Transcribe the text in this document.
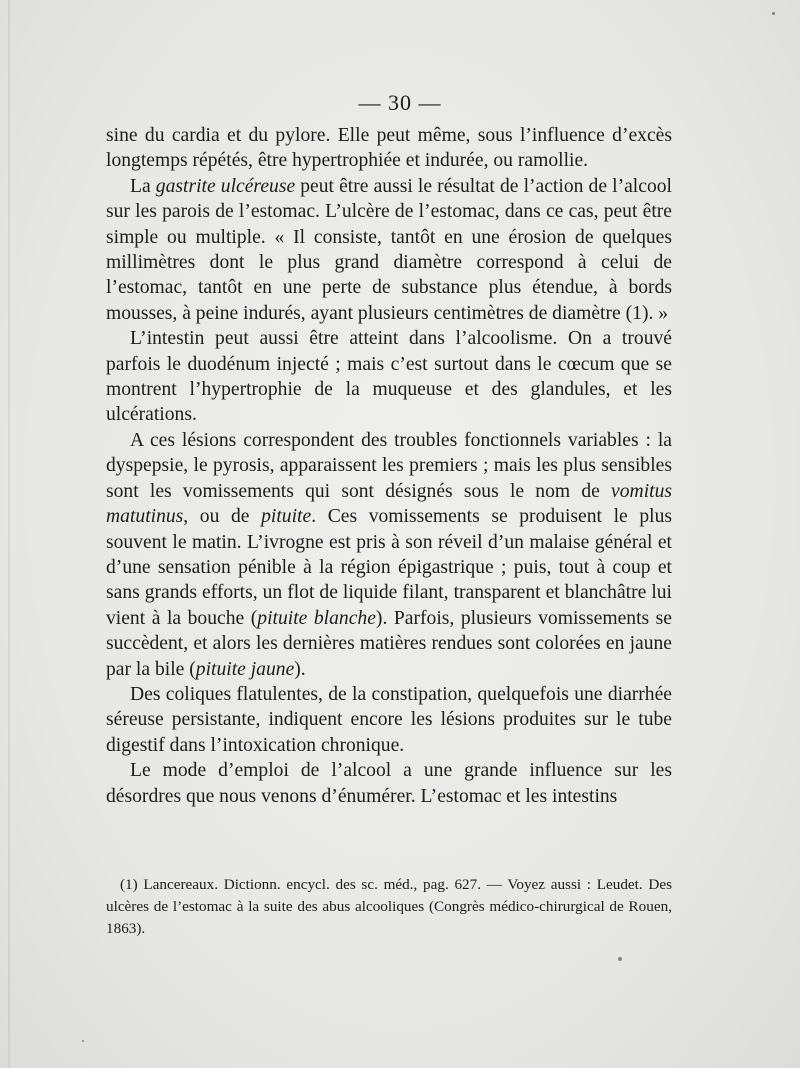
— 30 —

sine du cardia et du pylore. Elle peut même, sous l’influence d’excès longtemps répétés, être hypertrophiée et indurée, ou ramollie.

La gastrite ulcéreuse peut être aussi le résultat de l’action de l’alcool sur les parois de l’estomac. L’ulcère de l’estomac, dans ce cas, peut être simple ou multiple. « Il consiste, tantôt en une érosion de quelques millimètres dont le plus grand diamètre correspond à celui de l’estomac, tantôt en une perte de substance plus étendue, à bords mousses, à peine indurés, ayant plusieurs centimètres de diamètre (1). »

L’intestin peut aussi être atteint dans l’alcoolisme. On a trouvé parfois le duodénum injecté ; mais c’est surtout dans le cœcum que se montrent l’hypertrophie de la muqueuse et des glandules, et les ulcérations.

A ces lésions correspondent des troubles fonctionnels variables : la dyspepsie, le pyrosis, apparaissent les premiers ; mais les plus sensibles sont les vomissements qui sont désignés sous le nom de vomitus matutinus, ou de pituite. Ces vomissements se produisent le plus souvent le matin. L’ivrogne est pris à son réveil d’un malaise général et d’une sensation pénible à la région épigastrique ; puis, tout à coup et sans grands efforts, un flot de liquide filant, transparent et blanchâtre lui vient à la bouche (pituite blanche). Parfois, plusieurs vomissements se succèdent, et alors les dernières matières rendues sont colorées en jaune par la bile (pituite jaune).

Des coliques flatulentes, de la constipation, quelquefois une diarrhée séreuse persistante, indiquent encore les lésions produites sur le tube digestif dans l’intoxication chronique.

Le mode d’emploi de l’alcool a une grande influence sur les désordres que nous venons d’énumérer. L’estomac et les intestins

(1) Lancereaux. Dictionn. encycl. des sc. méd., pag. 627. — Voyez aussi : Leudet. Des ulcères de l’estomac à la suite des abus alcooliques (Congrès médico-chirurgical de Rouen, 1863).
